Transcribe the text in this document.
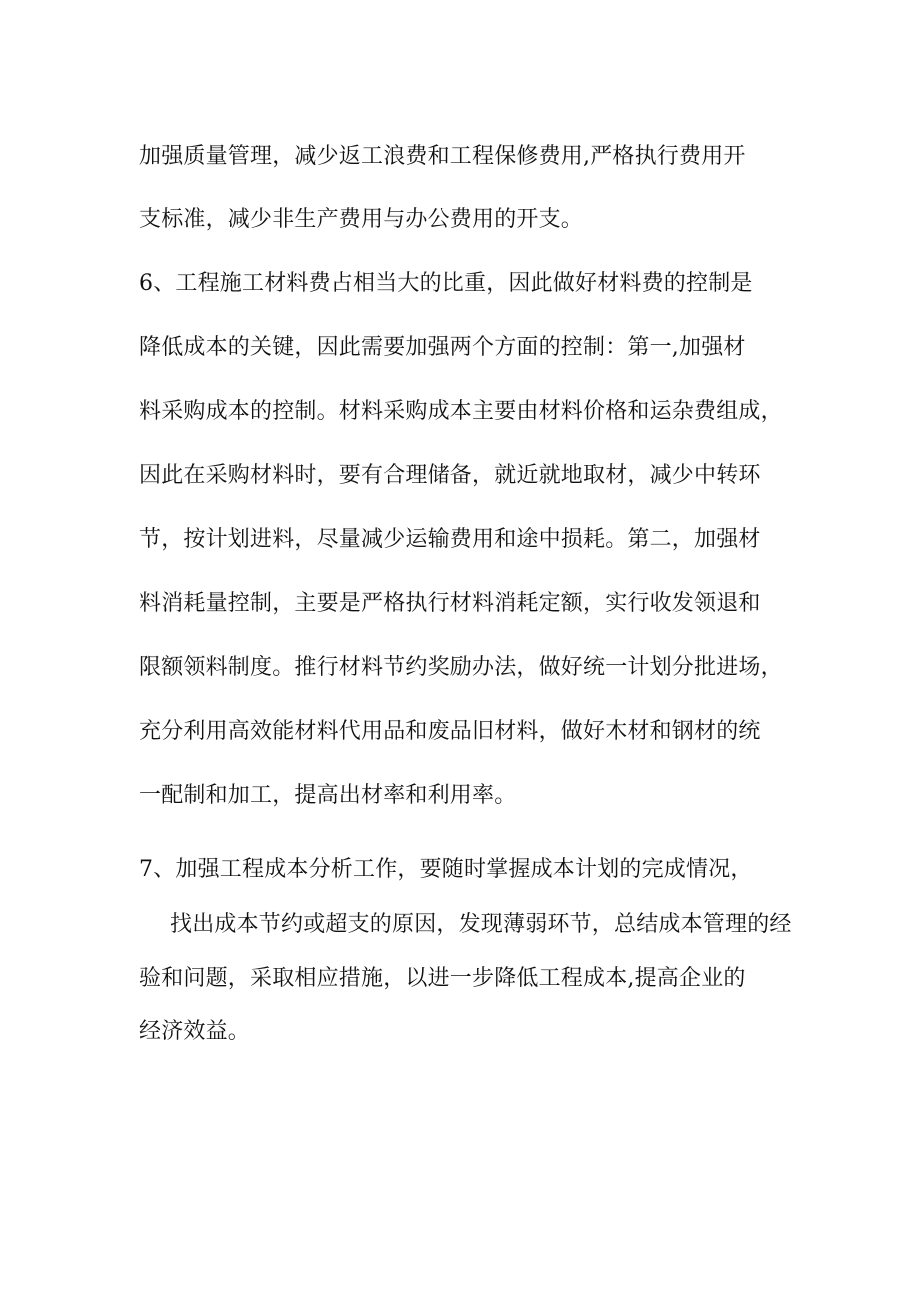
加强质量管理，减少返工浪费和工程保修费用,严格执行费用开
支标准，减少非生产费用与办公费用的开支。
6、工程施工材料费占相当大的比重，因此做好材料费的控制是
降低成本的关键，因此需要加强两个方面的控制：第一,加强材
料采购成本的控制。材料采购成本主要由材料价格和运杂费组成，
因此在采购材料时，要有合理储备，就近就地取材，减少中转环
节，按计划进料，尽量减少运输费用和途中损耗。第二，加强材
料消耗量控制，主要是严格执行材料消耗定额，实行收发领退和
限额领料制度。推行材料节约奖励办法，做好统一计划分批进场，
充分利用高效能材料代用品和废品旧材料，做好木材和钢材的统
一配制和加工，提高出材率和利用率。
7、加强工程成本分析工作，要随时掌握成本计划的完成情况，
找出成本节约或超支的原因，发现薄弱环节，总结成本管理的经
验和问题，采取相应措施，以进一步降低工程成本,提高企业的
经济效益。
